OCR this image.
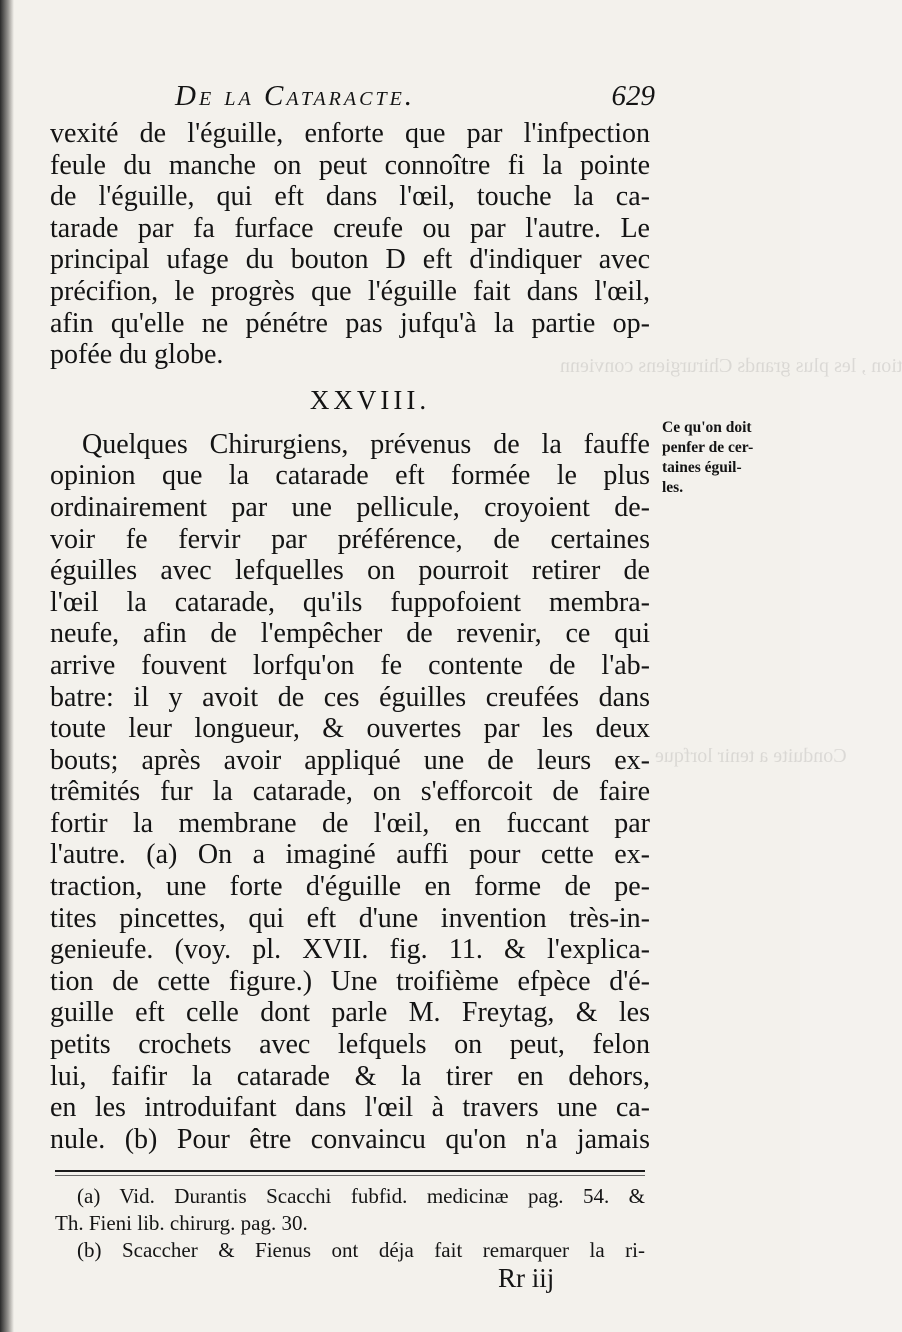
tion , les plus grands Chirurgiens convienn
Conduite a tenir lorfque
De la Cataracte.	629
vexité de l'éguille, enforte que par l'infpection
feule du manche on peut connoître fi la pointe
de l'éguille, qui eft dans l'œil, touche la ca-
tarade par fa furface creufe ou par l'autre. Le
principal ufage du bouton D eft d'indiquer avec
précifion, le progrès que l'éguille fait dans l'œil,
afin qu'elle ne pénétre pas jufqu'à la partie op-
pofée du globe.
XXVIII.
Quelques Chirurgiens, prévenus de la fauffe
opinion que la catarade eft formée le plus
ordinairement par une pellicule, croyoient de-
voir fe fervir par préférence, de certaines
éguilles avec lefquelles on pourroit retirer de
l'œil la catarade, qu'ils fuppofoient membra-
neufe, afin de l'empêcher de revenir, ce qui
arrive fouvent lorfqu'on fe contente de l'ab-
batre: il y avoit de ces éguilles creufées dans
toute leur longueur, & ouvertes par les deux
bouts; après avoir appliqué une de leurs ex-
trêmités fur la catarade, on s'efforcoit de faire
fortir la membrane de l'œil, en fuccant par
l'autre. (a) On a imaginé auffi pour cette ex-
traction, une forte d'éguille en forme de pe-
tites pincettes, qui eft d'une invention très-in-
genieufe. (voy. pl. XVII. fig. 11. & l'explica-
tion de cette figure.) Une troifième efpèce d'é-
guille eft celle dont parle M. Freytag, & les
petits crochets avec lefquels on peut, felon
lui, faifir la catarade & la tirer en dehors,
en les introduifant dans l'œil à travers une ca-
nule. (b) Pour être convaincu qu'on n'a jamais
Ce qu'on doit
penfer de cer-
taines éguil-
les.
(a) Vid. Durantis Scacchi fubfid. medicinæ pag. 54. &
Th. Fieni lib. chirurg. pag. 30.
(b) Scaccher & Fienus ont déja fait remarquer la ri-
Rr iij
